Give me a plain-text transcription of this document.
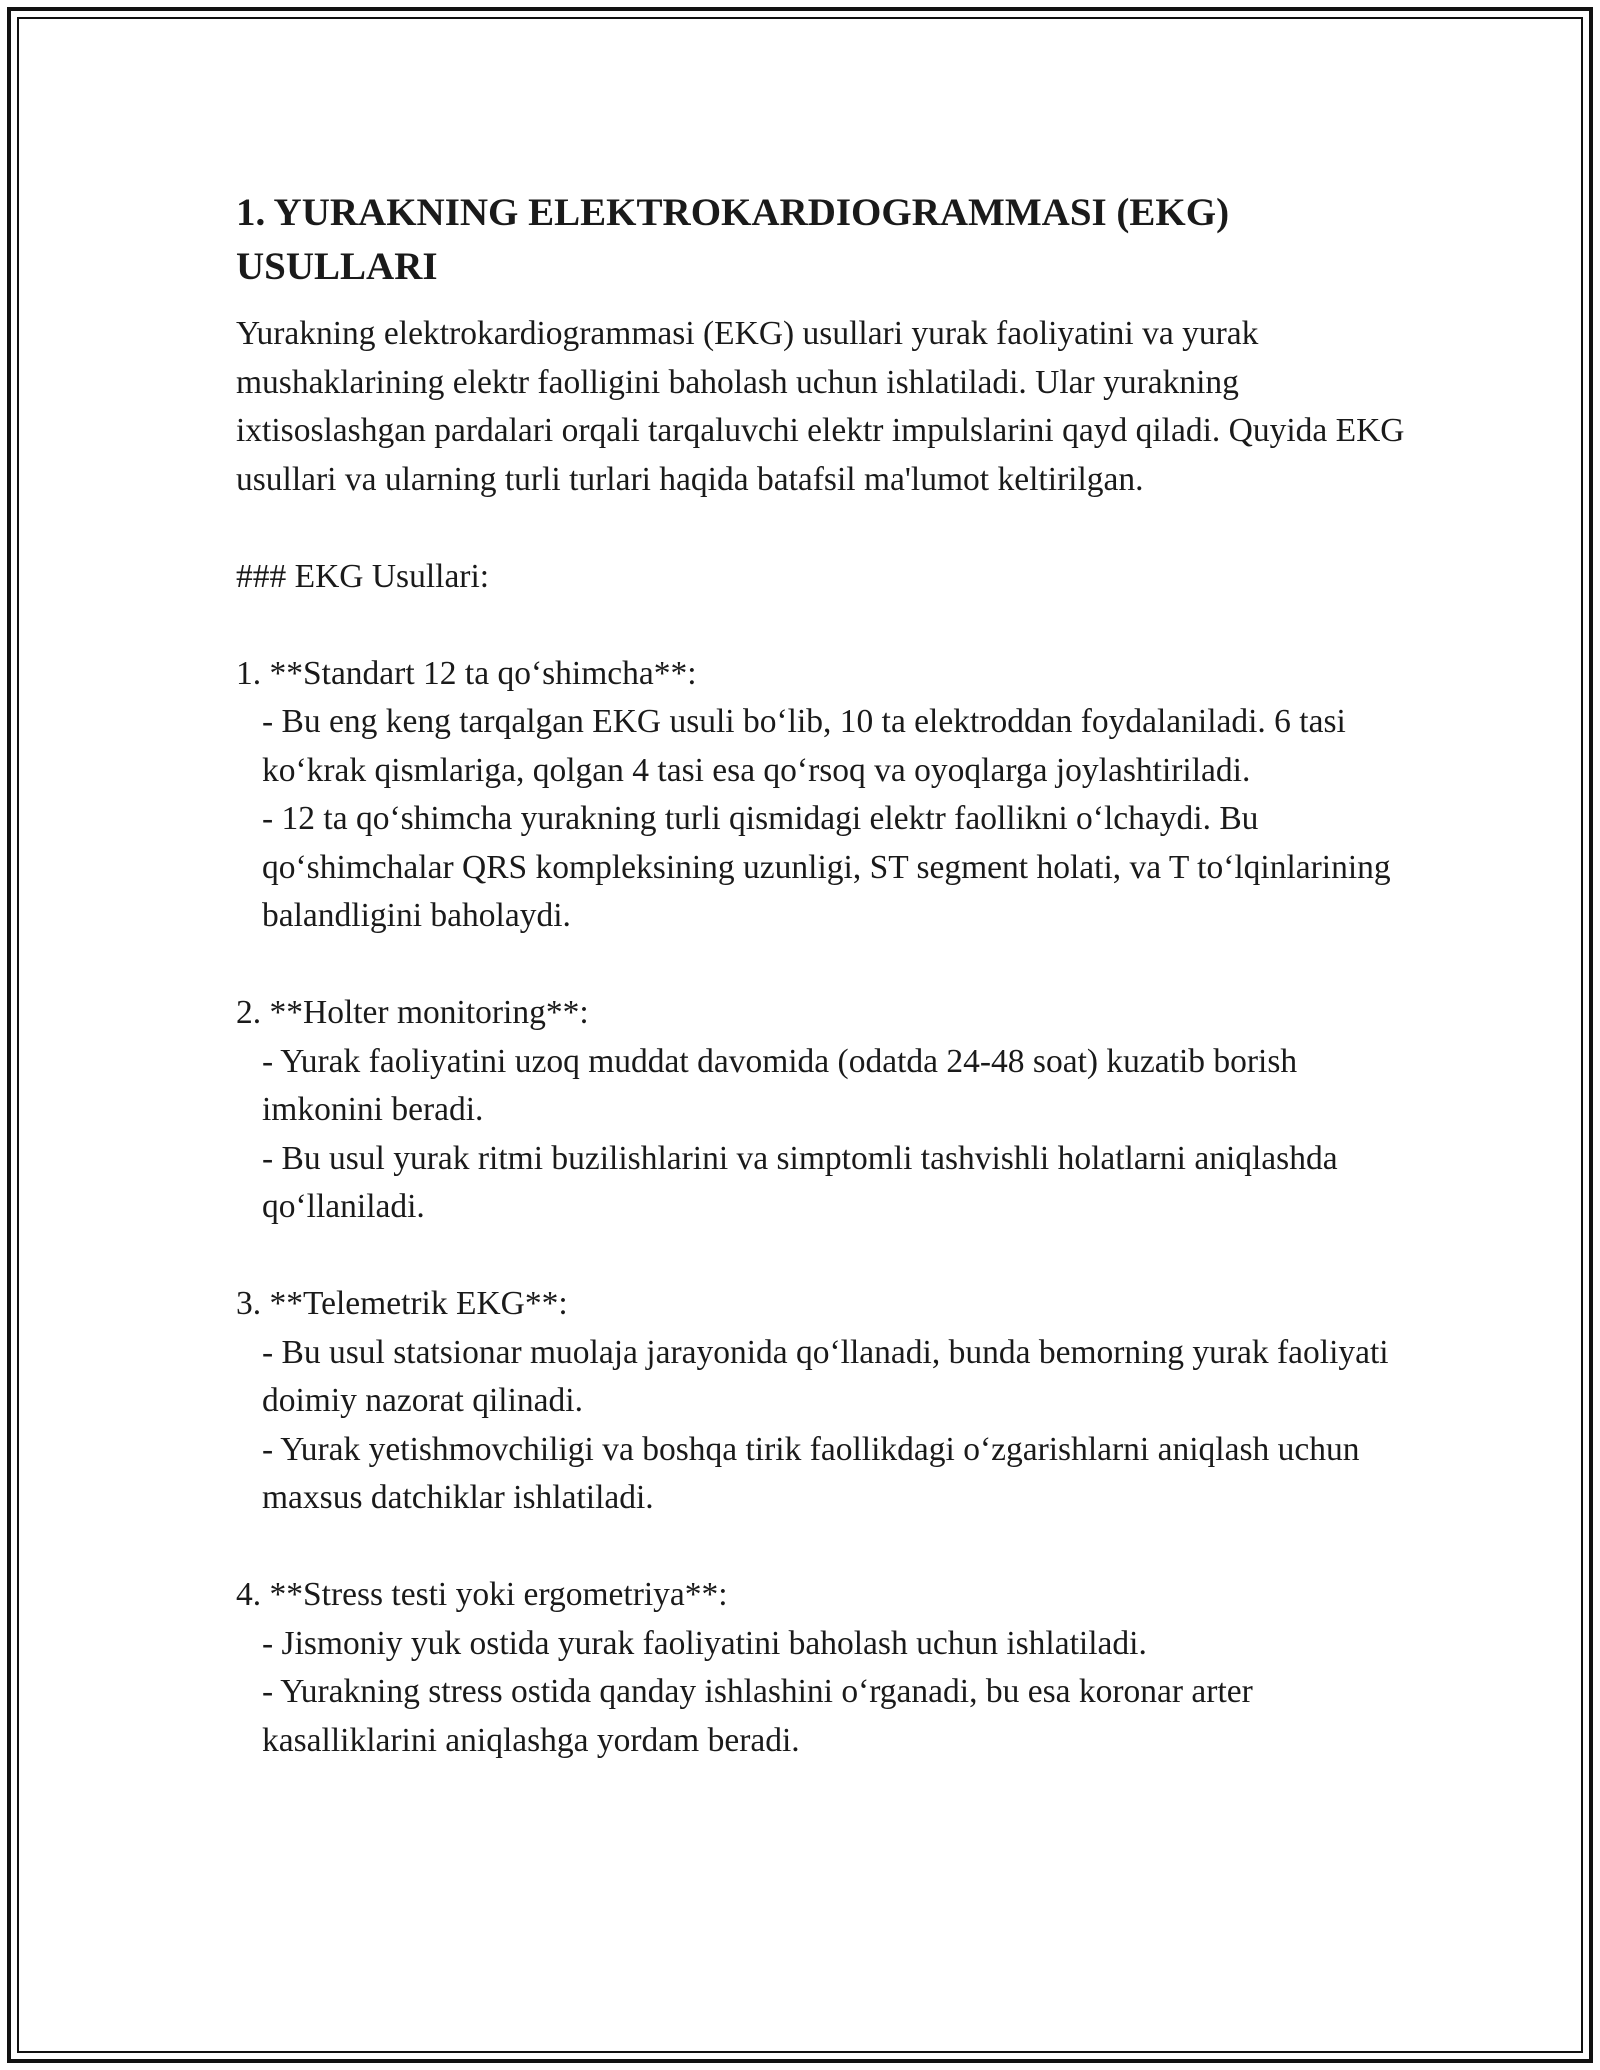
1. YURAKNING ELEKTROKARDIOGRAMMASI (EKG) USULLARI

Yurakning elektrokardiogrammasi (EKG) usullari yurak faoliyatini va yurak mushaklarining elektr faolligini baholash uchun ishlatiladi. Ular yurakning ixtisoslashgan pardalari orqali tarqaluvchi elektr impulslarini qayd qiladi. Quyida EKG usullari va ularning turli turlari haqida batafsil ma'lumot keltirilgan.

### EKG Usullari:

1. **Standart 12 ta qo‘shimcha**:

- Bu eng keng tarqalgan EKG usuli bo‘lib, 10 ta elektroddan foydalaniladi. 6 tasi ko‘krak qismlariga, qolgan 4 tasi esa qo‘rsoq va oyoqlarga joylashtiriladi.

- 12 ta qo‘shimcha yurakning turli qismidagi elektr faollikni o‘lchaydi. Bu qo‘shimchalar QRS kompleksining uzunligi, ST segment holati, va T to‘lqinlarining balandligini baholaydi.

2. **Holter monitoring**:

- Yurak faoliyatini uzoq muddat davomida (odatda 24-48 soat) kuzatib borish imkonini beradi.

- Bu usul yurak ritmi buzilishlarini va simptomli tashvishli holatlarni aniqlashda qo‘llaniladi.

3. **Telemetrik EKG**:

- Bu usul statsionar muolaja jarayonida qo‘llanadi, bunda bemorning yurak faoliyati doimiy nazorat qilinadi.

- Yurak yetishmovchiligi va boshqa tirik faollikdagi o‘zgarishlarni aniqlash uchun maxsus datchiklar ishlatiladi.

4. **Stress testi yoki ergometriya**:

- Jismoniy yuk ostida yurak faoliyatini baholash uchun ishlatiladi.

- Yurakning stress ostida qanday ishlashini o‘rganadi, bu esa koronar arter kasalliklarini aniqlashga yordam beradi.
